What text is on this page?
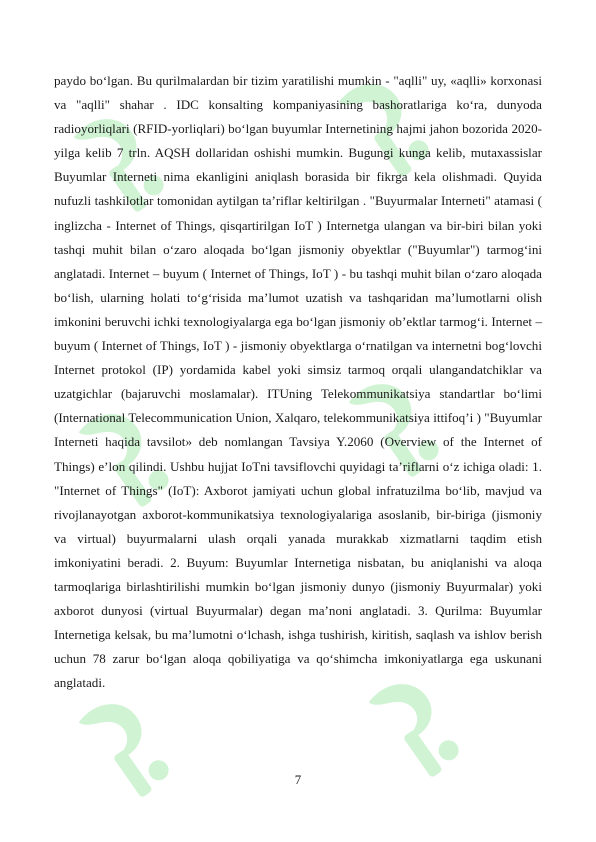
paydo bo‘lgan. Bu qurilmalardan bir tizim yaratilishi mumkin - "aqlli" uy, «aqlli» korxonasi va "aqlli" shahar . IDC konsalting kompaniyasining bashoratlariga ko‘ra, dunyoda radioyorliqlari (RFID-yorliqlari) bo‘lgan buyumlar Internetining hajmi jahon bozorida 2020-yilga kelib 7 trln. AQSH dollaridan oshishi mumkin. Bugungi kunga kelib, mutaxassislar Buyumlar Interneti nima ekanligini aniqlash borasida bir fikrga kela olishmadi. Quyida nufuzli tashkilotlar tomonidan aytilgan ta’riflar keltirilgan . "Buyurmalar Interneti" atamasi ( inglizcha - Internet of Things, qisqartirilgan IoT ) Internetga ulangan va bir-biri bilan yoki tashqi muhit bilan o‘zaro aloqada bo‘lgan jismoniy obyektlar ("Buyumlar") tarmog‘ini anglatadi. Internet – buyum ( Internet of Things, IoT ) - bu tashqi muhit bilan o‘zaro aloqada bo‘lish, ularning holati to‘g‘risida ma’lumot uzatish va tashqaridan ma’lumotlarni olish imkonini beruvchi ichki texnologiyalarga ega bo‘lgan jismoniy ob’ektlar tarmog‘i. Internet – buyum ( Internet of Things, IoT ) - jismoniy obyektlarga o‘rnatilgan va internetni bog‘lovchi Internet protokol (IP) yordamida kabel yoki simsiz tarmoq orqali ulangandatchiklar va uzatgichlar (bajaruvchi moslamalar). ITUning Telekommunikatsiya standartlar bo‘limi (International Telecommunication Union, Xalqaro, telekommunikatsiya ittifoq’i ) "Buyumlar Interneti haqida tavsilot» deb nomlangan Tavsiya Y.2060 (Overview of the Internet of Things) e’lon qilindi. Ushbu hujjat IoTni tavsiflovchi quyidagi ta’riflarni o‘z ichiga oladi: 1. "Internet of Things" (IoT): Axborot jamiyati uchun global infratuzilma bo‘lib, mavjud va rivojlanayotgan axborot-kommunikatsiya texnologiyalariga asoslanib, bir-biriga (jismoniy va virtual) buyurmalarni ulash orqali yanada murakkab xizmatlarni taqdim etish imkoniyatini beradi. 2. Buyum: Buyumlar Internetiga nisbatan, bu aniqlanishi va aloqa tarmoqlariga birlashtirilishi mumkin bo‘lgan jismoniy dunyo (jismoniy Buyurmalar) yoki axborot dunyosi (virtual Buyurmalar) degan ma’noni anglatadi. 3. Qurilma: Buyumlar Internetiga kelsak, bu ma’lumotni o‘lchash, ishga tushirish, kiritish, saqlash va ishlov berish uchun 78 zarur bo‘lgan aloqa qobiliyatiga va qo‘shimcha imkoniyatlarga ega uskunani anglatadi.

7
